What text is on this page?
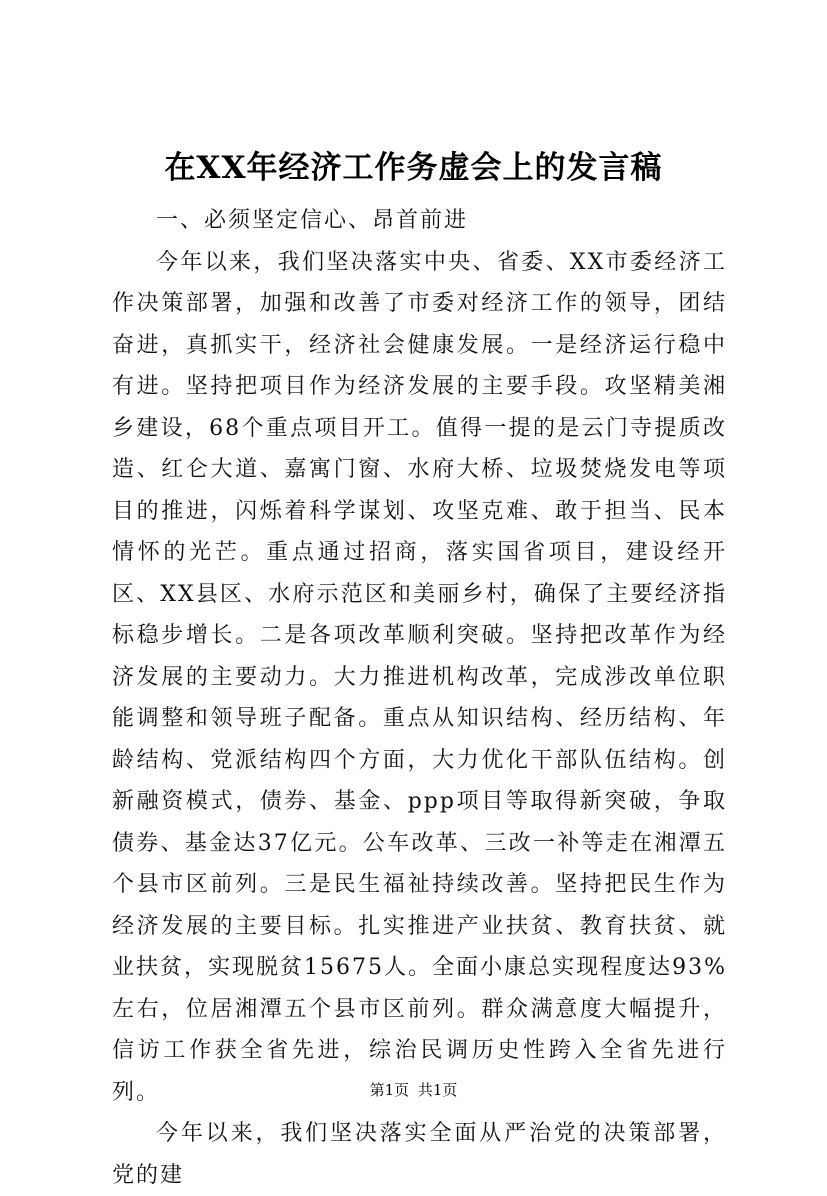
在XX年经济工作务虚会上的发言稿

一、必须坚定信心、昂首前进

今年以来，我们坚决落实中央、省委、XX市委经济工作决策部署，加强和改善了市委对经济工作的领导，团结奋进，真抓实干，经济社会健康发展。一是经济运行稳中有进。坚持把项目作为经济发展的主要手段。攻坚精美湘乡建设，68个重点项目开工。值得一提的是云门寺提质改造、红仑大道、嘉寓门窗、水府大桥、垃圾焚烧发电等项目的推进，闪烁着科学谋划、攻坚克难、敢于担当、民本情怀的光芒。重点通过招商，落实国省项目，建设经开区、XX县区、水府示范区和美丽乡村，确保了主要经济指标稳步增长。二是各项改革顺利突破。坚持把改革作为经济发展的主要动力。大力推进机构改革，完成涉改单位职能调整和领导班子配备。重点从知识结构、经历结构、年龄结构、党派结构四个方面，大力优化干部队伍结构。创新融资模式，债券、基金、ppp项目等取得新突破，争取债券、基金达37亿元。公车改革、三改一补等走在湘潭五个县市区前列。三是民生福祉持续改善。坚持把民生作为经济发展的主要目标。扎实推进产业扶贫、教育扶贫、就业扶贫，实现脱贫15675人。全面小康总实现程度达93%左右，位居湘潭五个县市区前列。群众满意度大幅提升，信访工作获全省先进，综治民调历史性跨入全省先进行列。

今年以来，我们坚决落实全面从严治党的决策部署，党的建

第1页 共1页
